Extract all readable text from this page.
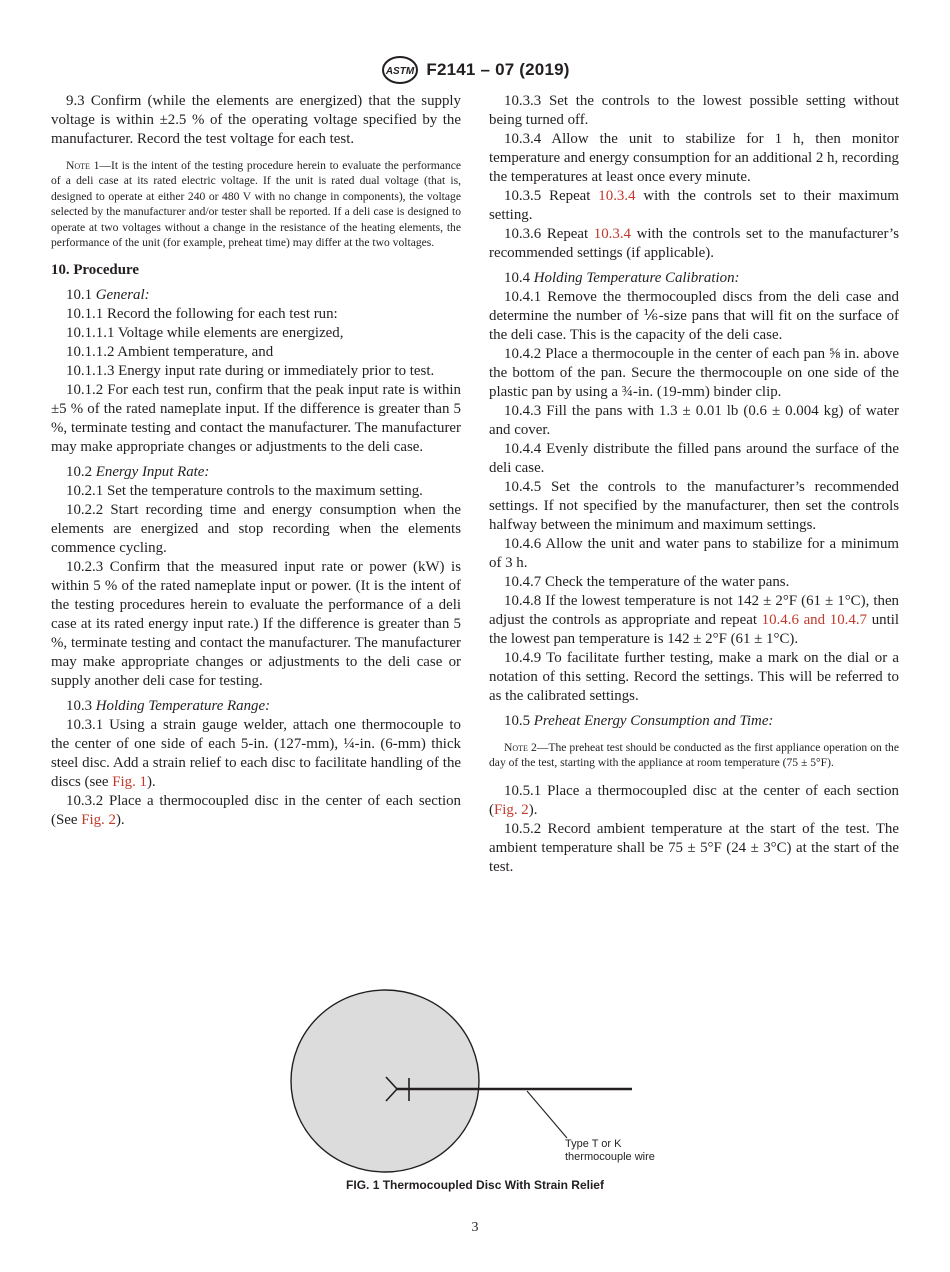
ASTM F2141 – 07 (2019)

9.3 Confirm (while the elements are energized) that the supply voltage is within ±2.5 % of the operating voltage specified by the manufacturer. Record the test voltage for each test.

Note 1—It is the intent of the testing procedure herein to evaluate the performance of a deli case at its rated electric voltage. If the unit is rated dual voltage (that is, designed to operate at either 240 or 480 V with no change in components), the voltage selected by the manufacturer and/or tester shall be reported. If a deli case is designed to operate at two voltages without a change in the resistance of the heating elements, the performance of the unit (for example, preheat time) may differ at the two voltages.

10. Procedure

10.1 General:

10.1.1 Record the following for each test run:

10.1.1.1 Voltage while elements are energized,

10.1.1.2 Ambient temperature, and

10.1.1.3 Energy input rate during or immediately prior to test.

10.1.2 For each test run, confirm that the peak input rate is within ±5 % of the rated nameplate input. If the difference is greater than 5 %, terminate testing and contact the manufacturer. The manufacturer may make appropriate changes or adjustments to the deli case.

10.2 Energy Input Rate:

10.2.1 Set the temperature controls to the maximum setting.

10.2.2 Start recording time and energy consumption when the elements are energized and stop recording when the elements commence cycling.

10.2.3 Confirm that the measured input rate or power (kW) is within 5 % of the rated nameplate input or power. (It is the intent of the testing procedures herein to evaluate the performance of a deli case at its rated energy input rate.) If the difference is greater than 5 %, terminate testing and contact the manufacturer. The manufacturer may make appropriate changes or adjustments to the deli case or supply another deli case for testing.

10.3 Holding Temperature Range:

10.3.1 Using a strain gauge welder, attach one thermocouple to the center of one side of each 5-in. (127-mm), ¼-in. (6-mm) thick steel disc. Add a strain relief to each disc to facilitate handling of the discs (see Fig. 1).

10.3.2 Place a thermocoupled disc in the center of each section (See Fig. 2).

10.3.3 Set the controls to the lowest possible setting without being turned off.

10.3.4 Allow the unit to stabilize for 1 h, then monitor temperature and energy consumption for an additional 2 h, recording the temperatures at least once every minute.

10.3.5 Repeat 10.3.4 with the controls set to their maximum setting.

10.3.6 Repeat 10.3.4 with the controls set to the manufacturer’s recommended settings (if applicable).

10.4 Holding Temperature Calibration:

10.4.1 Remove the thermocoupled discs from the deli case and determine the number of ⅙-size pans that will fit on the surface of the deli case. This is the capacity of the deli case.

10.4.2 Place a thermocouple in the center of each pan ⅝ in. above the bottom of the pan. Secure the thermocouple on one side of the plastic pan by using a ¾-in. (19-mm) binder clip.

10.4.3 Fill the pans with 1.3 ± 0.01 lb (0.6 ± 0.004 kg) of water and cover.

10.4.4 Evenly distribute the filled pans around the surface of the deli case.

10.4.5 Set the controls to the manufacturer’s recommended settings. If not specified by the manufacturer, then set the controls halfway between the minimum and maximum settings.

10.4.6 Allow the unit and water pans to stabilize for a minimum of 3 h.

10.4.7 Check the temperature of the water pans.

10.4.8 If the lowest temperature is not 142 ± 2°F (61 ± 1°C), then adjust the controls as appropriate and repeat 10.4.6 and 10.4.7 until the lowest pan temperature is 142 ± 2°F (61 ± 1°C).

10.4.9 To facilitate further testing, make a mark on the dial or a notation of this setting. Record the settings. This will be referred to as the calibrated settings.

10.5 Preheat Energy Consumption and Time:

Note 2—The preheat test should be conducted as the first appliance operation on the day of the test, starting with the appliance at room temperature (75 ± 5°F).

10.5.1 Place a thermocoupled disc at the center of each section (Fig. 2).

10.5.2 Record ambient temperature at the start of the test. The ambient temperature shall be 75 ± 5°F (24 ± 3°C) at the start of the test.

Type T or K
thermocouple wire
FIG. 1 Thermocoupled Disc With Strain Relief
3
